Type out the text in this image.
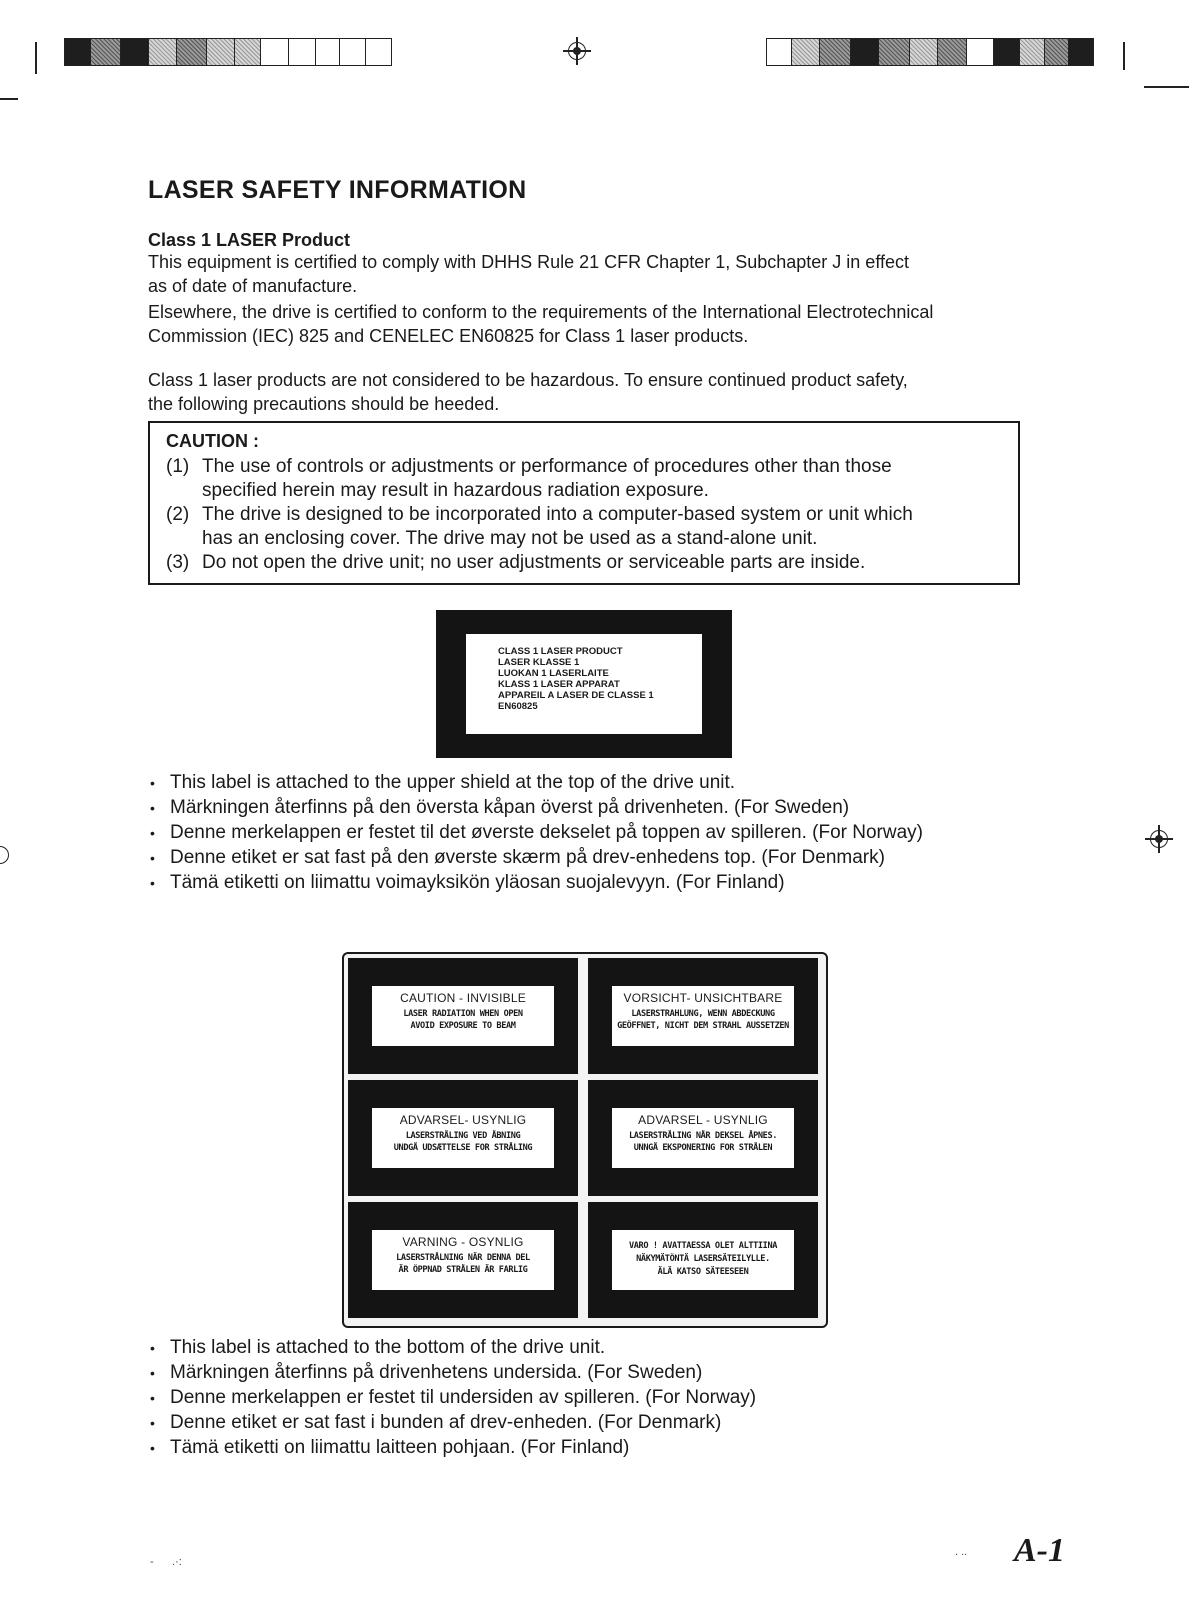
LASER SAFETY INFORMATION
Class 1 LASER Product
This equipment is certified to comply with DHHS Rule 21 CFR Chapter 1, Subchapter J in effect
as of date of manufacture.
Elsewhere, the drive is certified to conform to the requirements of the International Electrotechnical
Commission (IEC) 825 and CENELEC EN60825 for Class 1 laser products.
Class 1 laser products are not considered to be hazardous. To ensure continued product safety,
the following precautions should be heeded.
CAUTION :
(1) The use of controls or adjustments or performance of procedures other than those
specified herein may result in hazardous radiation exposure.
(2) The drive is designed to be incorporated into a computer-based system or unit which
has an enclosing cover. The drive may not be used as a stand-alone unit.
(3) Do not open the drive unit; no user adjustments or serviceable parts are inside.
CLASS 1 LASER PRODUCT
LASER KLASSE 1
LUOKAN 1 LASERLAITE
KLASS 1 LASER APPARAT
APPAREIL A LASER DE CLASSE 1
EN60825
• This label is attached to the upper shield at the top of the drive unit.
• Märkningen återfinns på den översta kåpan överst på drivenheten. (For Sweden)
• Denne merkelappen er festet til det øverste dekselet på toppen av spilleren. (For Norway)
• Denne etiket er sat fast på den øverste skærm på drev-enhedens top. (For Denmark)
• Tämä etiketti on liimattu voimayksikön yläosan suojalevyyn. (For Finland)
CAUTION - INVISIBLE
LASER RADIATION WHEN OPEN
AVOID EXPOSURE TO BEAM
VORSICHT- UNSICHTBARE
LASERSTRAHLUNG, WENN ABDECKUNG
GEÖFFNET, NICHT DEM STRAHL AUSSETZEN
ADVARSEL- USYNLIG
LASERSTRÅLING VED ÅBNING
UNDGÅ UDSÆTTELSE FOR STRÅLING
ADVARSEL - USYNLIG
LASERSTRÅLING NÅR DEKSEL ÅPNES.
UNNGÅ EKSPONERING FOR STRÅLEN
VARNING - OSYNLIG
LASERSTRÅLNING NÄR DENNA DEL
ÄR ÖPPNAD STRÅLEN ÄR FARLIG
VARO ! AVATTAESSA OLET ALTTIINA
NÄKYMÄTÖNTÄ LASERSÄTEILYLLE.
ÄLÄ KATSO SÄTEESEEN
• This label is attached to the bottom of the drive unit.
• Märkningen återfinns på drivenhetens undersida. (For Sweden)
• Denne merkelappen er festet til undersiden av spilleren. (For Norway)
• Denne etiket er sat fast i bunden af drev-enheden. (For Denmark)
• Tämä etiketti on liimattu laitteen pohjaan. (For Finland)
-      .·:
. .. A-1
